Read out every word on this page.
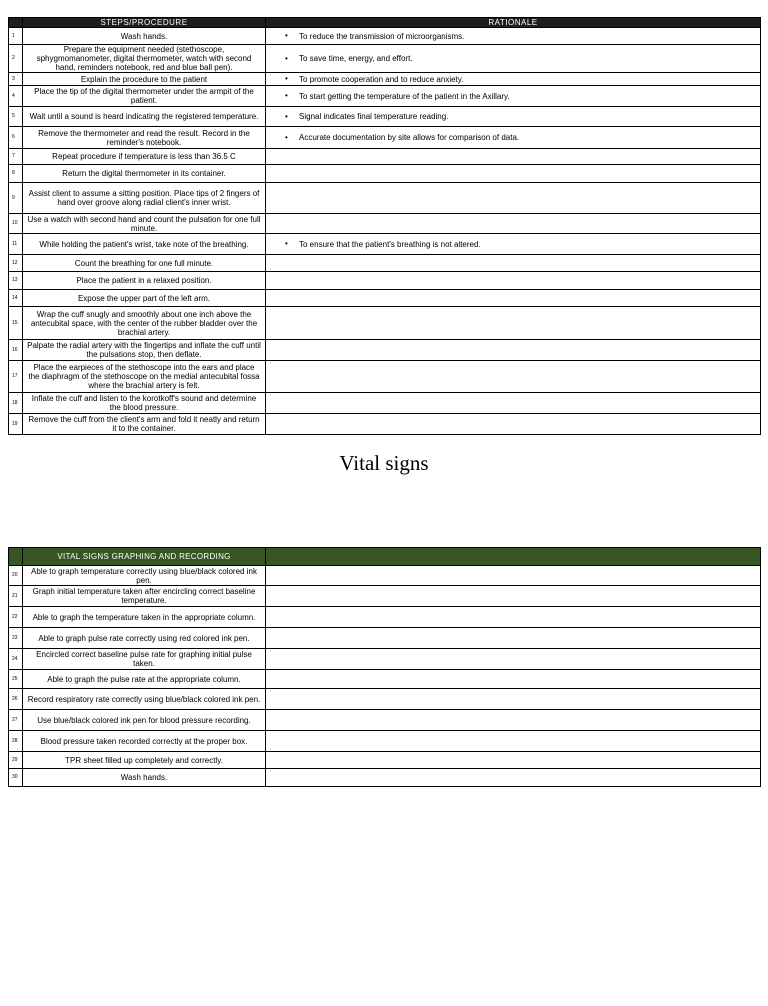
	STEPS/PROCEDURE	RATIONALE
1	Wash hands.	• To reduce the transmission of microorganisms.

2	Prepare the equipment needed (stethoscope, sphygmomanometer, digital thermometer, watch with second hand, reminders notebook, red and blue ball pen).	• To save time, energy, and effort.

3	Explain the procedure to the patient	• To promote cooperation and to reduce anxiety.

4	Place the tip of the digital thermometer under the armpit of the patient.	• To start getting the temperature of the patient in the Axillary.

5	Wait until a sound is heard indicating the registered temperature.	• Signal indicates final temperature reading.

6	Remove the thermometer and read the result. Record in the reminder's notebook.	• Accurate documentation by site allows for comparison of data.

7	Repeat procedure if temperature is less than 36.5 C	
8	Return the digital thermometer in its container.	
9	Assist client to assume a sitting position. Place tips of 2 fingers of hand over groove along radial client's inner wrist.	
10	Use a watch with second hand and count the pulsation for one full minute.	
11	While holding the patient's wrist, take note of the breathing.	• To ensure that the patient's breathing is not altered.

12	Count the breathing for one full minute.	
13	Place the patient in a relaxed position.	
14	Expose the upper part of the left arm.	
15	Wrap the cuff snugly and smoothly about one inch above the antecubital space, with the center of the rubber bladder over the brachial artery.	
16	Palpate the radial artery with the fingertips and inflate the cuff until the pulsations stop, then deflate.	
17	Place the earpieces of the stethoscope into the ears and place the diaphragm of the stethoscope on the medial antecubital fossa where the brachial artery is felt.	
18	Inflate the cuff and listen to the korotkoff's sound and determine the blood pressure.	
19	Remove the cuff from the client's arm and fold it neatly and return it to the container.	
Vital signs
	VITAL SIGNS GRAPHING AND RECORDING	
20	Able to graph temperature correctly using blue/black colored ink pen.	
21	Graph initial temperature taken after encircling correct baseline temperature.	
22	Able to graph the temperature taken in the appropriate column.	
23	Able to graph pulse rate correctly using red colored ink pen.	
24	Encircled correct baseline pulse rate for graphing initial pulse taken.	
25	Able to graph the pulse rate at the appropriate column.	
26	Record respiratory rate correctly using blue/black colored ink pen.	
27	Use blue/black colored ink pen for blood pressure recording.	
28	Blood pressure taken recorded correctly at the proper box.	
29	TPR sheet filled up completely and correctly.	
30	Wash hands.	
